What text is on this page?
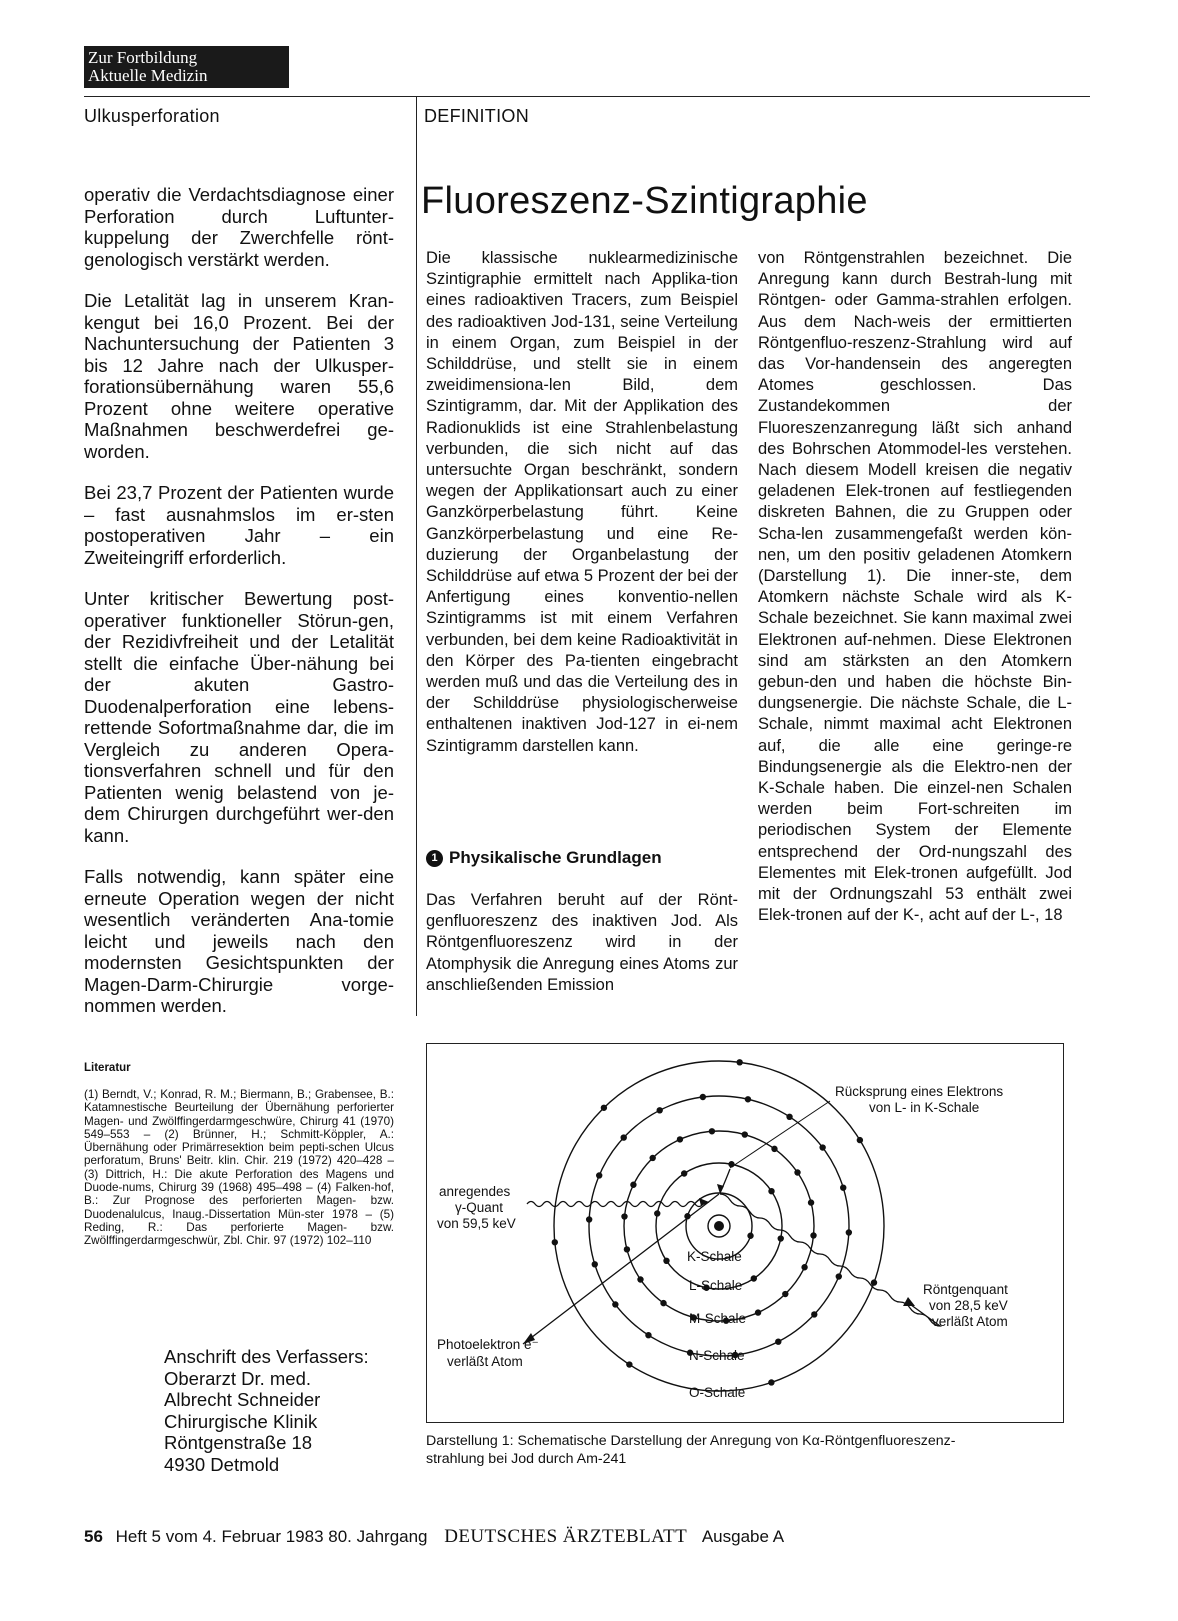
Zur Fortbildung
Aktuelle Medizin
Ulkusperforation	DEFINITION

operativ die Verdachtsdiagnose einer Perforation durch Luftunter-kuppelung der Zwerchfelle rönt-genologisch verstärkt werden.

Die Letalität lag in unserem Kran-kengut bei 16,0 Prozent. Bei der Nachuntersuchung der Patienten 3 bis 12 Jahre nach der Ulkusper-forationsübernähung waren 55,6 Prozent ohne weitere operative Maßnahmen beschwerdefrei ge-worden.

Bei 23,7 Prozent der Patienten wurde – fast ausnahmslos im er-sten postoperativen Jahr – ein Zweiteingriff erforderlich.

Unter kritischer Bewertung post-operativer funktioneller Störun-gen, der Rezidivfreiheit und der Letalität stellt die einfache Über-nähung bei der akuten Gastro-Duodenalperforation eine lebens-rettende Sofortmaßnahme dar, die im Vergleich zu anderen Opera-tionsverfahren schnell und für den Patienten wenig belastend von je-dem Chirurgen durchgeführt wer-den kann.

Falls notwendig, kann später eine erneute Operation wegen der nicht wesentlich veränderten Ana-tomie leicht und jeweils nach den modernsten Gesichtspunkten der Magen-Darm-Chirurgie vorge-nommen werden.

Literatur
(1) Berndt, V.; Konrad, R. M.; Biermann, B.; Grabensee, B.: Katamnestische Beurteilung der Übernähung perforierter Magen- und Zwölffingerdarmgeschwüre, Chirurg 41 (1970) 549–553 – (2) Brünner, H.; Schmitt-Köppler, A.: Übernähung oder Primärresektion beim pepti-schen Ulcus perforatum, Bruns' Beitr. klin. Chir. 219 (1972) 420–428 – (3) Dittrich, H.: Die akute Perforation des Magens und Duode-nums, Chirurg 39 (1968) 495–498 – (4) Falken-hof, B.: Zur Prognose des perforierten Magen- bzw. Duodenalulcus, Inaug.-Dissertation Mün-ster 1978 – (5) Reding, R.: Das perforierte Magen- bzw. Zwölffingerdarmgeschwür, Zbl. Chir. 97 (1972) 102–110
Anschrift des Verfassers:
Oberarzt Dr. med.
Albrecht Schneider
Chirurgische Klinik
Röntgenstraße 18
4930 Detmold
Fluoreszenz-Szintigraphie

Die klassische nuklearmedizinische Szintigraphie ermittelt nach Applika-tion eines radioaktiven Tracers, zum Beispiel des radioaktiven Jod-131, seine Verteilung in einem Organ, zum Beispiel in der Schilddrüse, und stellt sie in einem zweidimensiona-len Bild, dem Szintigramm, dar. Mit der Applikation des Radionuklids ist eine Strahlenbelastung verbunden, die sich nicht auf das untersuchte Organ beschränkt, sondern wegen der Applikationsart auch zu einer Ganzkörperbelastung führt. Keine Ganzkörperbelastung und eine Re-duzierung der Organbelastung der Schilddrüse auf etwa 5 Prozent der bei der Anfertigung eines konventio-nellen Szintigramms ist mit einem Verfahren verbunden, bei dem keine Radioaktivität in den Körper des Pa-tienten eingebracht werden muß und das die Verteilung des in der Schilddrüse physiologischerweise enthaltenen inaktiven Jod-127 in ei-nem Szintigramm darstellen kann.

1 Physikalische Grundlagen

Das Verfahren beruht auf der Rönt-genfluoreszenz des inaktiven Jod. Als Röntgenfluoreszenz wird in der Atomphysik die Anregung eines Atoms zur anschließenden Emission

von Röntgenstrahlen bezeichnet. Die Anregung kann durch Bestrah-lung mit Röntgen- oder Gamma-strahlen erfolgen. Aus dem Nach-weis der ermittierten Röntgenfluo-reszenz-Strahlung wird auf das Vor-handensein des angeregten Atomes geschlossen. Das Zustandekommen der Fluoreszenzanregung läßt sich anhand des Bohrschen Atommodel-les verstehen. Nach diesem Modell kreisen die negativ geladenen Elek-tronen auf festliegenden diskreten Bahnen, die zu Gruppen oder Scha-len zusammengefaßt werden kön-nen, um den positiv geladenen Atomkern (Darstellung 1). Die inner-ste, dem Atomkern nächste Schale wird als K-Schale bezeichnet. Sie kann maximal zwei Elektronen auf-nehmen. Diese Elektronen sind am stärksten an den Atomkern gebun-den und haben die höchste Bin-dungsenergie. Die nächste Schale, die L-Schale, nimmt maximal acht Elektronen auf, die alle eine geringe-re Bindungsenergie als die Elektro-nen der K-Schale haben. Die einzel-nen Schalen werden beim Fort-schreiten im periodischen System der Elemente entsprechend der Ord-nungszahl des Elementes mit Elek-tronen aufgefüllt. Jod mit der Ordnungszahl 53 enthält zwei Elek-tronen auf der K-, acht auf der L-, 18

Rücksprung eines Elektrons
von L- in K-Schale
anregendes
γ-Quant
von 59,5 keV
K-Schale
L-Schale
M-Schale
N-Schale
O-Schale
Röntgenquant
von 28,5 keV
verläßt Atom
Photoelektron e⁻
verläßt Atom
Darstellung 1: Schematische Darstellung der Anregung von Kα-Röntgenfluoreszenz-
strahlung bei Jod durch Am-241
56 Heft 5 vom 4. Februar 1983 80. Jahrgang DEUTSCHES ÄRZTEBLATT Ausgabe A
